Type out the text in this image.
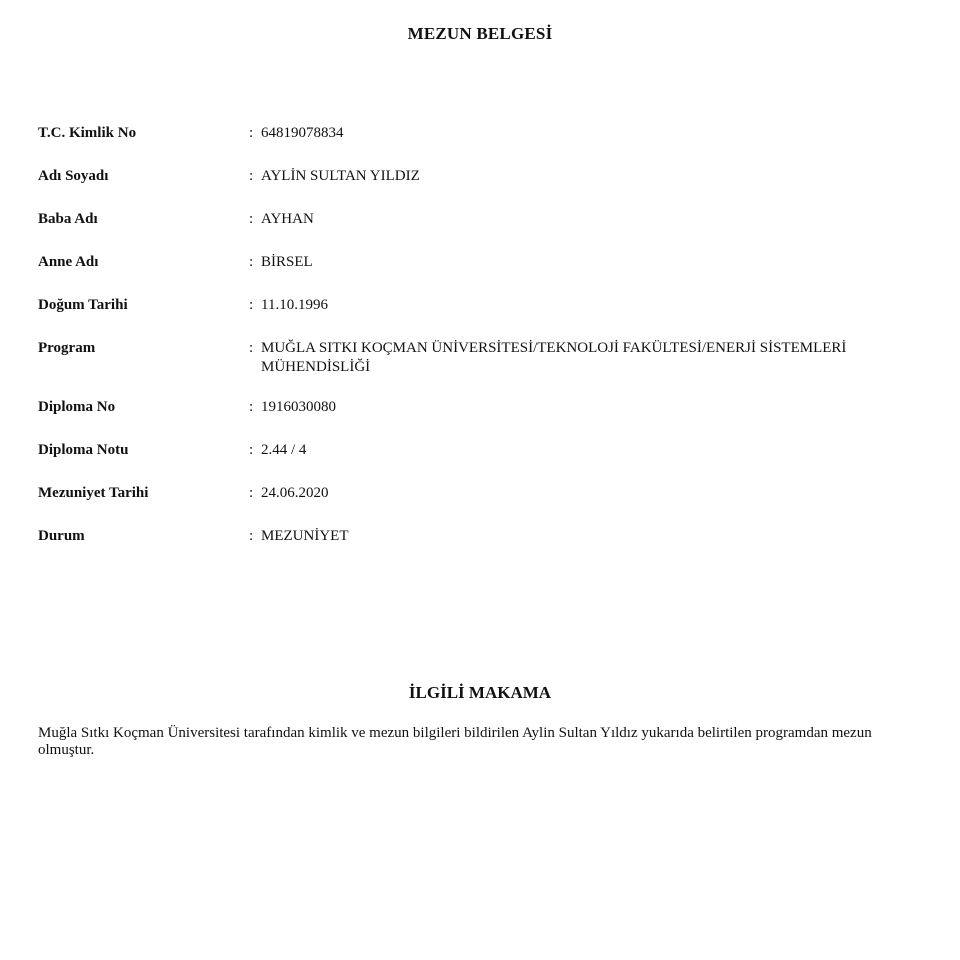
MEZUN BELGESİ
T.C. Kimlik No	: 64819078834
Adı Soyadı	: AYLİN SULTAN YILDIZ
Baba Adı	: AYHAN
Anne Adı	: BİRSEL
Doğum Tarihi	: 11.10.1996
Program	: MUĞLA SITKI KOÇMAN ÜNİVERSİTESİ/TEKNOLOJİ FAKÜLTESİ/ENERJİ SİSTEMLERİ MÜHENDİSLİĞİ
Diploma No	: 1916030080
Diploma Notu	: 2.44 / 4
Mezuniyet Tarihi	: 24.06.2020
Durum	: MEZUNİYET
İLGİLİ MAKAMA
Muğla Sıtkı Koçman Üniversitesi tarafından kimlik ve mezun bilgileri bildirilen Aylin Sultan Yıldız yukarıda belirtilen programdan mezun olmuştur.
